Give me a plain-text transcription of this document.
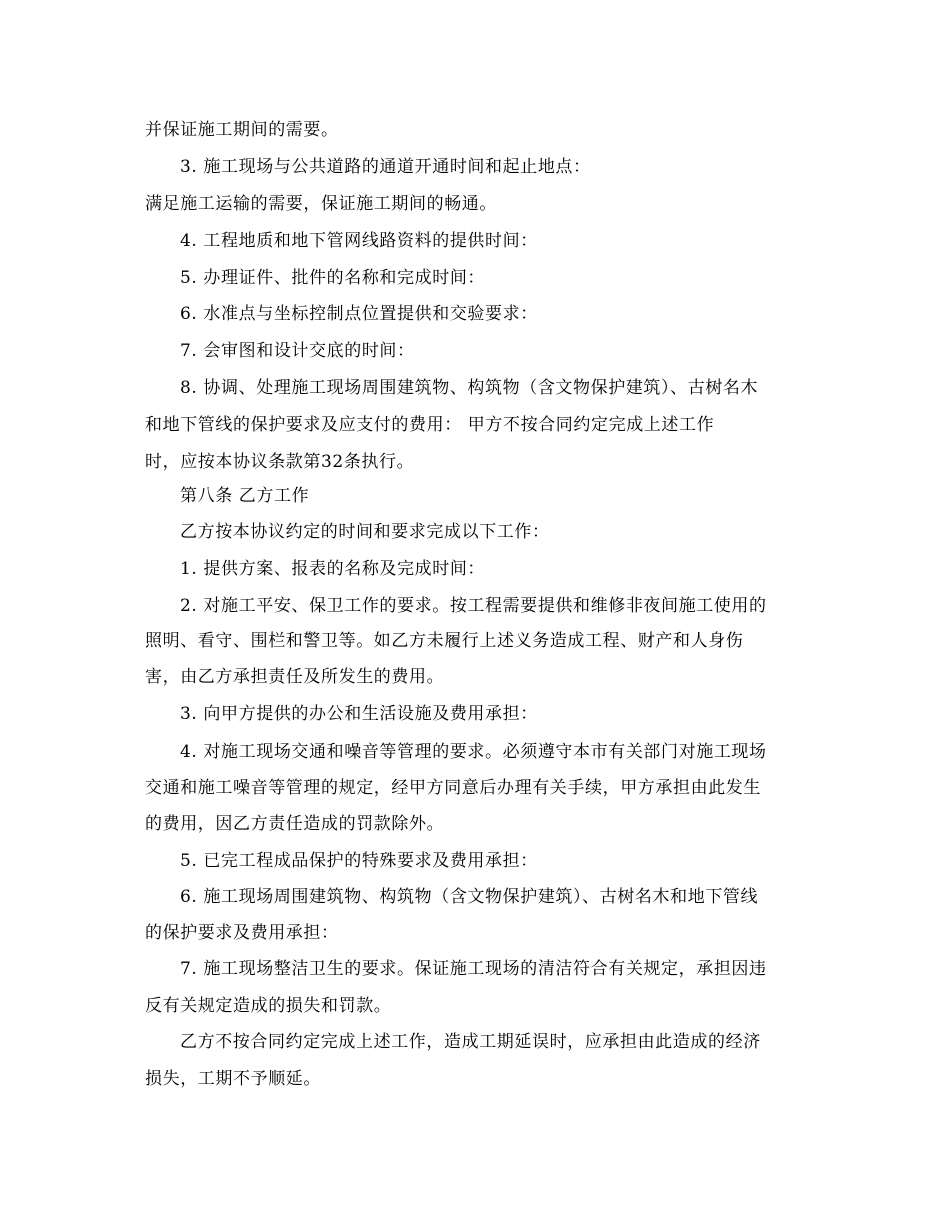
并保证施工期间的需要。
3. 施工现场与公共道路的通道开通时间和起止地点：
满足施工运输的需要，保证施工期间的畅通。
4. 工程地质和地下管网线路资料的提供时间：
5. 办理证件、批件的名称和完成时间：
6. 水准点与坐标控制点位置提供和交验要求：
7. 会审图和设计交底的时间：
8. 协调、处理施工现场周围建筑物、构筑物（含文物保护建筑）、古树名木
和地下管线的保护要求及应支付的费用： 甲方不按合同约定完成上述工作
时，应按本协议条款第32条执行。
第八条 乙方工作
乙方按本协议约定的时间和要求完成以下工作：
1. 提供方案、报表的名称及完成时间：
2. 对施工平安、保卫工作的要求。按工程需要提供和维修非夜间施工使用的
照明、看守、围栏和警卫等。如乙方未履行上述义务造成工程、财产和人身伤
害，由乙方承担责任及所发生的费用。
3. 向甲方提供的办公和生活设施及费用承担：
4. 对施工现场交通和噪音等管理的要求。必须遵守本市有关部门对施工现场
交通和施工噪音等管理的规定，经甲方同意后办理有关手续，甲方承担由此发生
的费用，因乙方责任造成的罚款除外。
5. 已完工程成品保护的特殊要求及费用承担：
6. 施工现场周围建筑物、构筑物（含文物保护建筑）、古树名木和地下管线
的保护要求及费用承担：
7. 施工现场整洁卫生的要求。保证施工现场的清洁符合有关规定，承担因违
反有关规定造成的损失和罚款。
乙方不按合同约定完成上述工作，造成工期延误时，应承担由此造成的经济
损失，工期不予顺延。
